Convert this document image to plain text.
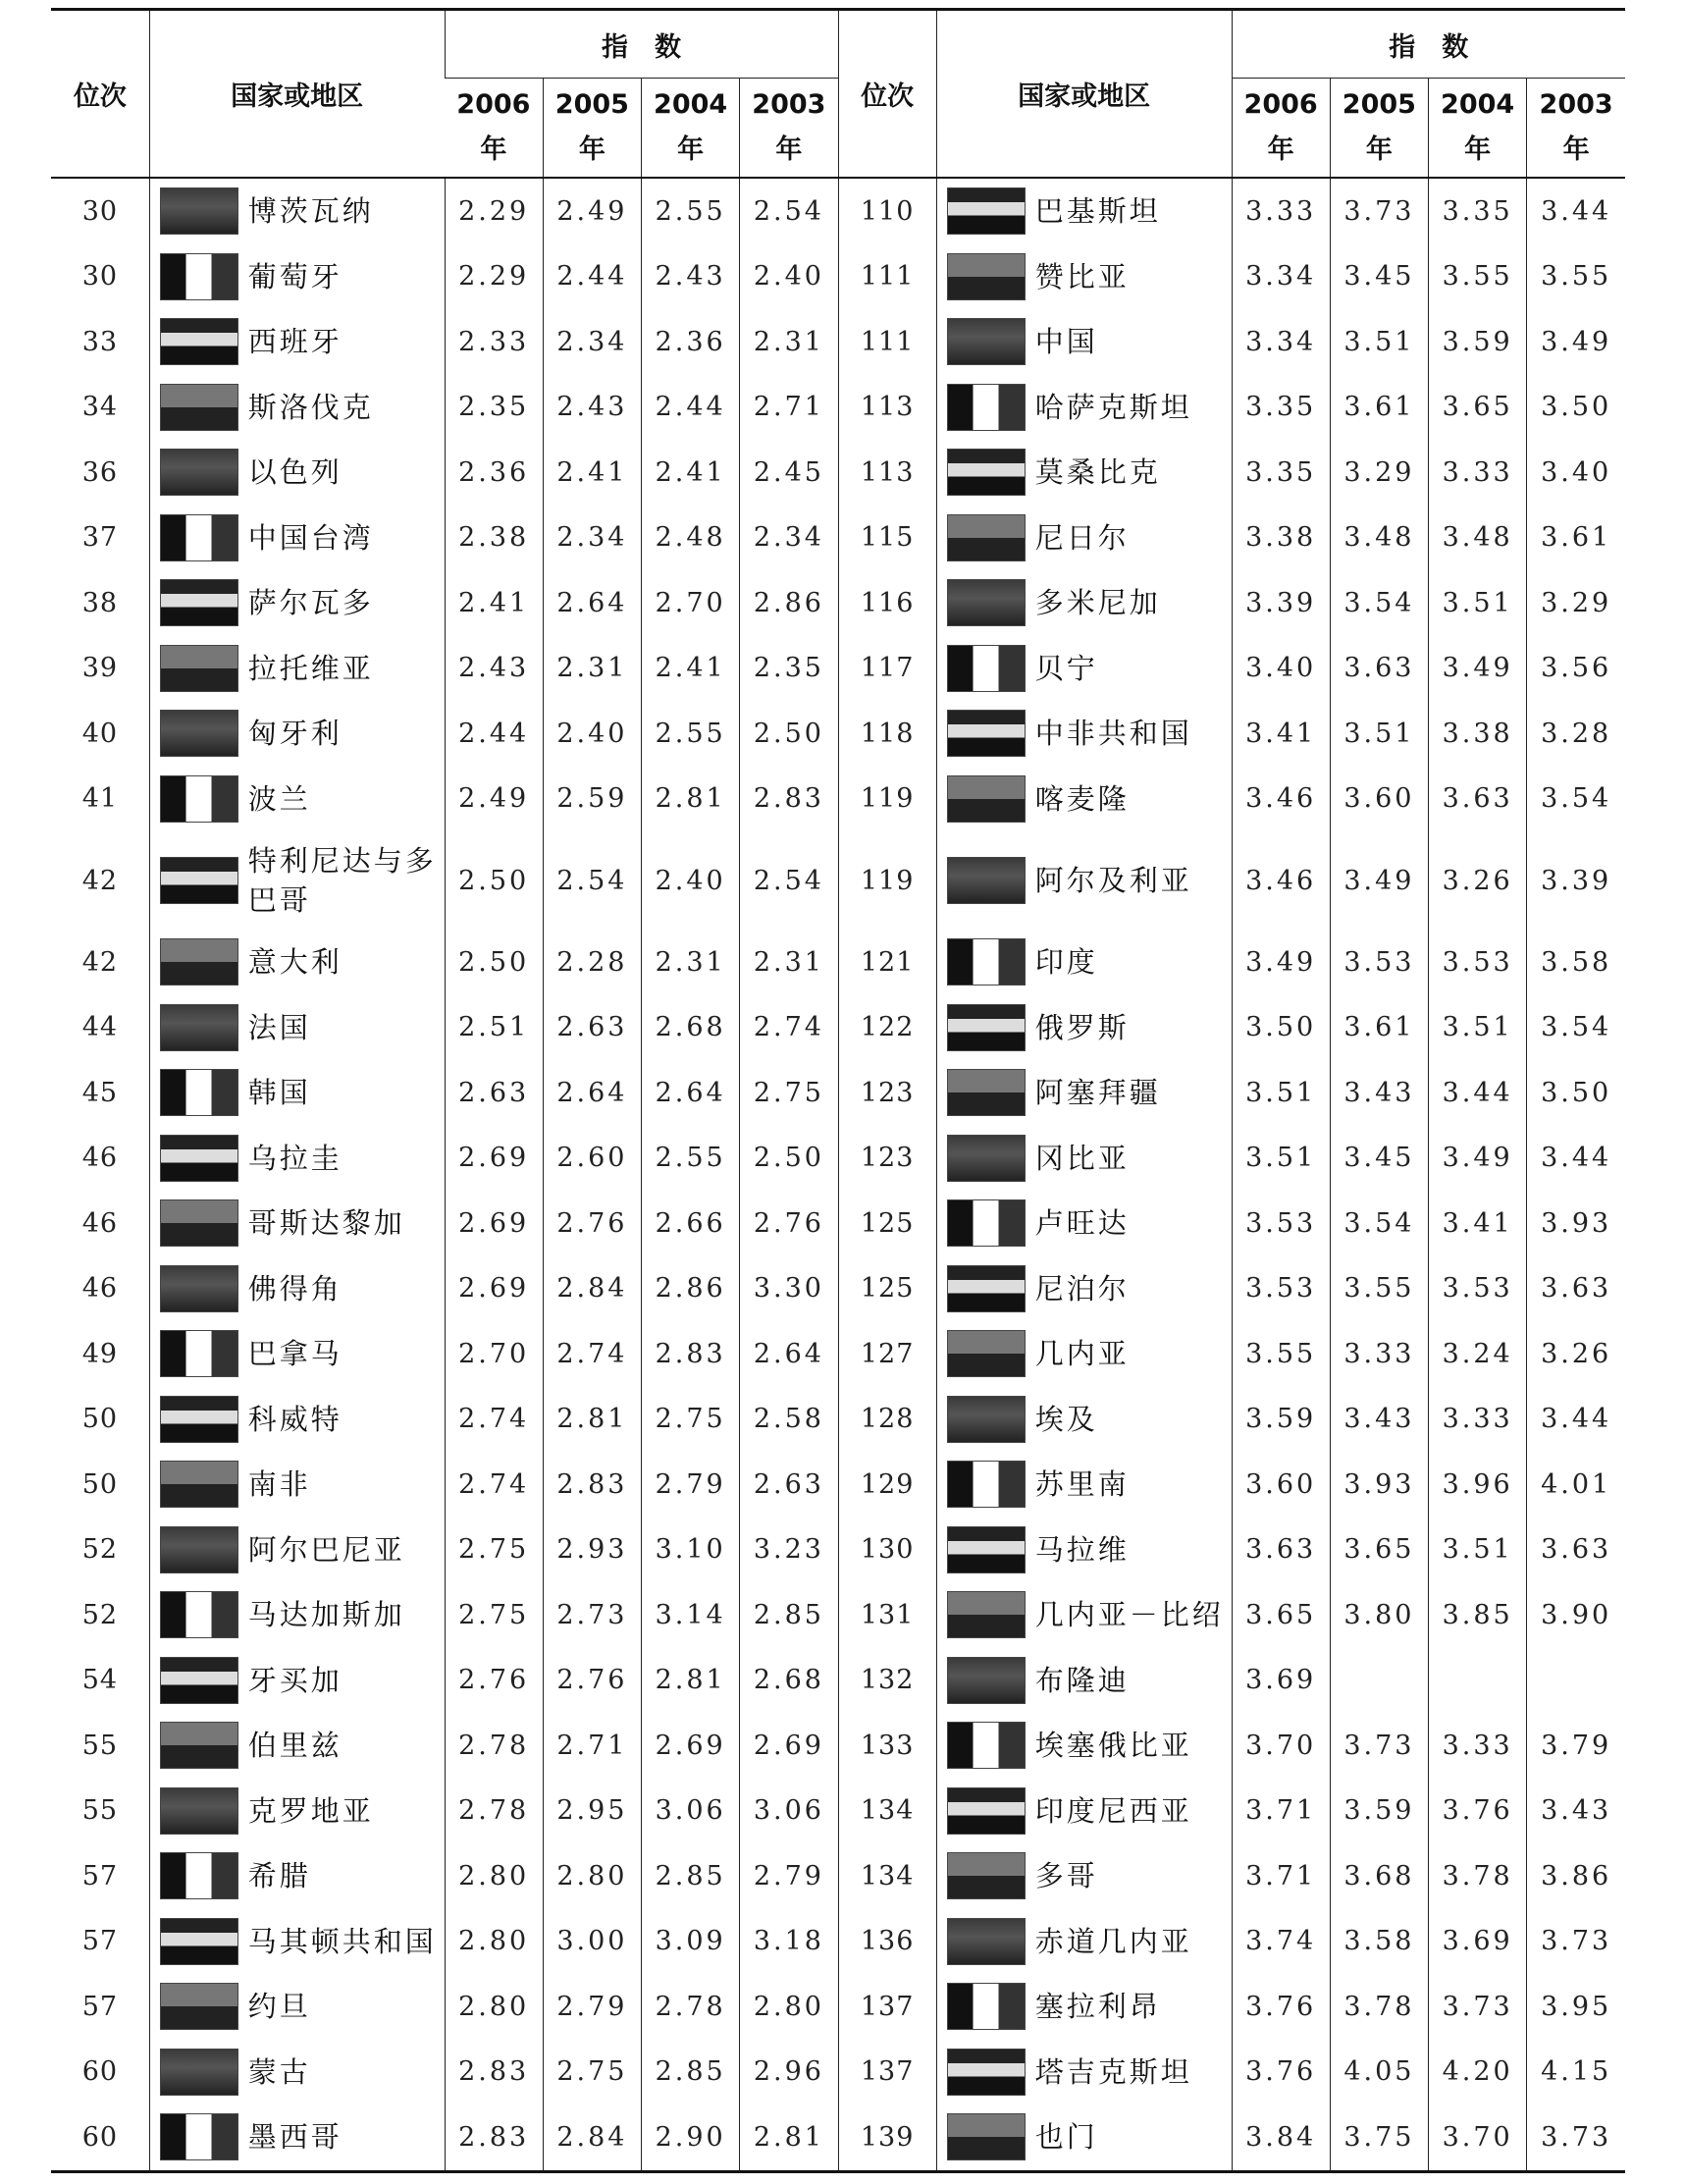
位次	国家或地区	指　数				位次	国家或地区	指　数			
		2006年	2005年	2004年	2003年			2006年	2005年	2004年	2003年
30	博茨瓦纳	2.29	2.49	2.55	2.54	110	巴基斯坦	3.33	3.73	3.35	3.44
30	葡萄牙	2.29	2.44	2.43	2.40	111	赞比亚	3.34	3.45	3.55	3.55
33	西班牙	2.33	2.34	2.36	2.31	111	中国	3.34	3.51	3.59	3.49
34	斯洛伐克	2.35	2.43	2.44	2.71	113	哈萨克斯坦	3.35	3.61	3.65	3.50
36	以色列	2.36	2.41	2.41	2.45	113	莫桑比克	3.35	3.29	3.33	3.40
37	中国台湾	2.38	2.34	2.48	2.34	115	尼日尔	3.38	3.48	3.48	3.61
38	萨尔瓦多	2.41	2.64	2.70	2.86	116	多米尼加	3.39	3.54	3.51	3.29
39	拉托维亚	2.43	2.31	2.41	2.35	117	贝宁	3.40	3.63	3.49	3.56
40	匈牙利	2.44	2.40	2.55	2.50	118	中非共和国	3.41	3.51	3.38	3.28
41	波兰	2.49	2.59	2.81	2.83	119	喀麦隆	3.46	3.60	3.63	3.54
42	特利尼达与多巴哥	2.50	2.54	2.40	2.54	119	阿尔及利亚	3.46	3.49	3.26	3.39
42	意大利	2.50	2.28	2.31	2.31	121	印度	3.49	3.53	3.53	3.58
44	法国	2.51	2.63	2.68	2.74	122	俄罗斯	3.50	3.61	3.51	3.54
45	韩国	2.63	2.64	2.64	2.75	123	阿塞拜疆	3.51	3.43	3.44	3.50
46	乌拉圭	2.69	2.60	2.55	2.50	123	冈比亚	3.51	3.45	3.49	3.44
46	哥斯达黎加	2.69	2.76	2.66	2.76	125	卢旺达	3.53	3.54	3.41	3.93
46	佛得角	2.69	2.84	2.86	3.30	125	尼泊尔	3.53	3.55	3.53	3.63
49	巴拿马	2.70	2.74	2.83	2.64	127	几内亚	3.55	3.33	3.24	3.26
50	科威特	2.74	2.81	2.75	2.58	128	埃及	3.59	3.43	3.33	3.44
50	南非	2.74	2.83	2.79	2.63	129	苏里南	3.60	3.93	3.96	4.01
52	阿尔巴尼亚	2.75	2.93	3.10	3.23	130	马拉维	3.63	3.65	3.51	3.63
52	马达加斯加	2.75	2.73	3.14	2.85	131	几内亚－比绍	3.65	3.80	3.85	3.90
54	牙买加	2.76	2.76	2.81	2.68	132	布隆迪	3.69			
55	伯里兹	2.78	2.71	2.69	2.69	133	埃塞俄比亚	3.70	3.73	3.33	3.79
55	克罗地亚	2.78	2.95	3.06	3.06	134	印度尼西亚	3.71	3.59	3.76	3.43
57	希腊	2.80	2.80	2.85	2.79	134	多哥	3.71	3.68	3.78	3.86
57	马其顿共和国	2.80	3.00	3.09	3.18	136	赤道几内亚	3.74	3.58	3.69	3.73
57	约旦	2.80	2.79	2.78	2.80	137	塞拉利昂	3.76	3.78	3.73	3.95
60	蒙古	2.83	2.75	2.85	2.96	137	塔吉克斯坦	3.76	4.05	4.20	4.15
60	墨西哥	2.83	2.84	2.90	2.81	139	也门	3.84	3.75	3.70	3.73
